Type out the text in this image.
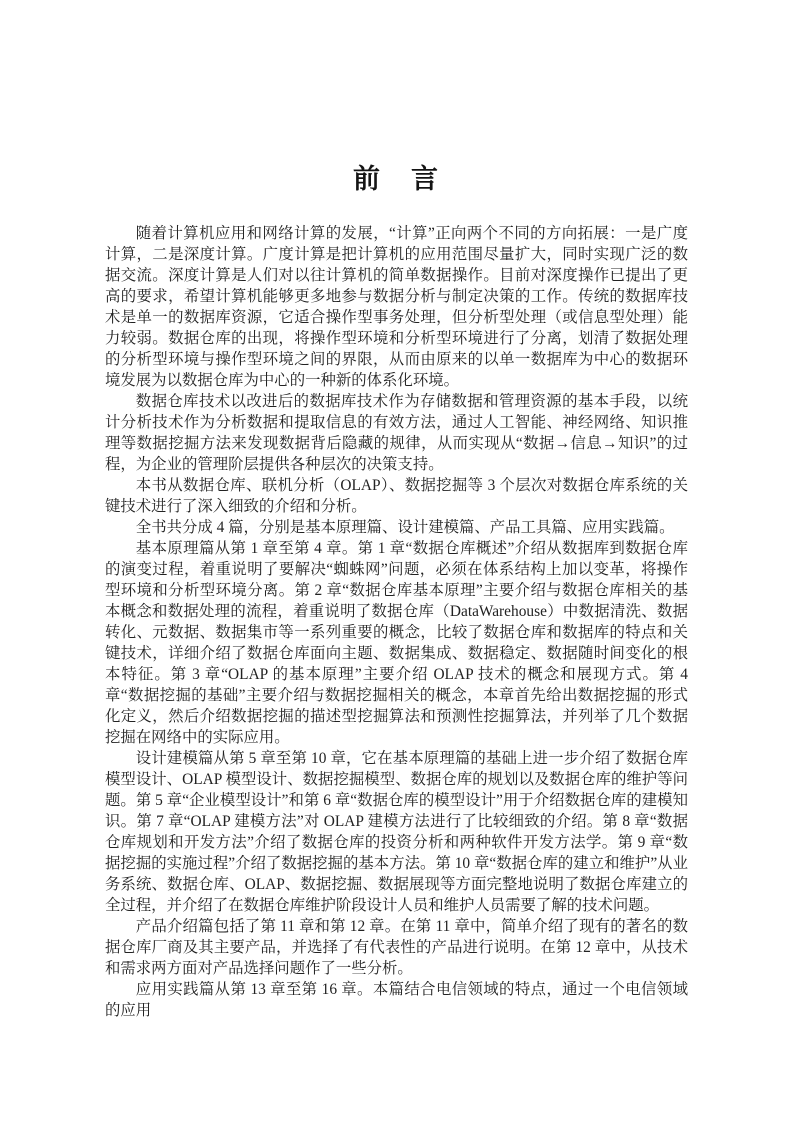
前　言

随着计算机应用和网络计算的发展，“计算”正向两个不同的方向拓展：一是广度计算，二是深度计算。广度计算是把计算机的应用范围尽量扩大，同时实现广泛的数据交流。深度计算是人们对以往计算机的简单数据操作。目前对深度操作已提出了更高的要求，希望计算机能够更多地参与数据分析与制定决策的工作。传统的数据库技术是单一的数据库资源，它适合操作型事务处理，但分析型处理（或信息型处理）能力较弱。数据仓库的出现，将操作型环境和分析型环境进行了分离，划清了数据处理的分析型环境与操作型环境之间的界限，从而由原来的以单一数据库为中心的数据环境发展为以数据仓库为中心的一种新的体系化环境。

数据仓库技术以改进后的数据库技术作为存储数据和管理资源的基本手段，以统计分析技术作为分析数据和提取信息的有效方法，通过人工智能、神经网络、知识推理等数据挖掘方法来发现数据背后隐藏的规律，从而实现从“数据→信息→知识”的过程，为企业的管理阶层提供各种层次的决策支持。

本书从数据仓库、联机分析（OLAP）、数据挖掘等 3 个层次对数据仓库系统的关键技术进行了深入细致的介绍和分析。

全书共分成 4 篇，分别是基本原理篇、设计建模篇、产品工具篇、应用实践篇。

基本原理篇从第 1 章至第 4 章。第 1 章“数据仓库概述”介绍从数据库到数据仓库的演变过程，着重说明了要解决“蜘蛛网”问题，必须在体系结构上加以变革，将操作型环境和分析型环境分离。第 2 章“数据仓库基本原理”主要介绍与数据仓库相关的基本概念和数据处理的流程，着重说明了数据仓库（DataWarehouse）中数据清洗、数据转化、元数据、数据集市等一系列重要的概念，比较了数据仓库和数据库的特点和关键技术，详细介绍了数据仓库面向主题、数据集成、数据稳定、数据随时间变化的根本特征。第 3 章“OLAP 的基本原理”主要介绍 OLAP 技术的概念和展现方式。第 4 章“数据挖掘的基础”主要介绍与数据挖掘相关的概念，本章首先给出数据挖掘的形式化定义，然后介绍数据挖掘的描述型挖掘算法和预测性挖掘算法，并列举了几个数据挖掘在网络中的实际应用。

设计建模篇从第 5 章至第 10 章，它在基本原理篇的基础上进一步介绍了数据仓库模型设计、OLAP 模型设计、数据挖掘模型、数据仓库的规划以及数据仓库的维护等问题。第 5 章“企业模型设计”和第 6 章“数据仓库的模型设计”用于介绍数据仓库的建模知识。第 7 章“OLAP 建模方法”对 OLAP 建模方法进行了比较细致的介绍。第 8 章“数据仓库规划和开发方法”介绍了数据仓库的投资分析和两种软件开发方法学。第 9 章“数据挖掘的实施过程”介绍了数据挖掘的基本方法。第 10 章“数据仓库的建立和维护”从业务系统、数据仓库、OLAP、数据挖掘、数据展现等方面完整地说明了数据仓库建立的全过程，并介绍了在数据仓库维护阶段设计人员和维护人员需要了解的技术问题。

产品介绍篇包括了第 11 章和第 12 章。在第 11 章中，简单介绍了现有的著名的数据仓库厂商及其主要产品，并选择了有代表性的产品进行说明。在第 12 章中，从技术和需求两方面对产品选择问题作了一些分析。

应用实践篇从第 13 章至第 16 章。本篇结合电信领域的特点，通过一个电信领域的应用
